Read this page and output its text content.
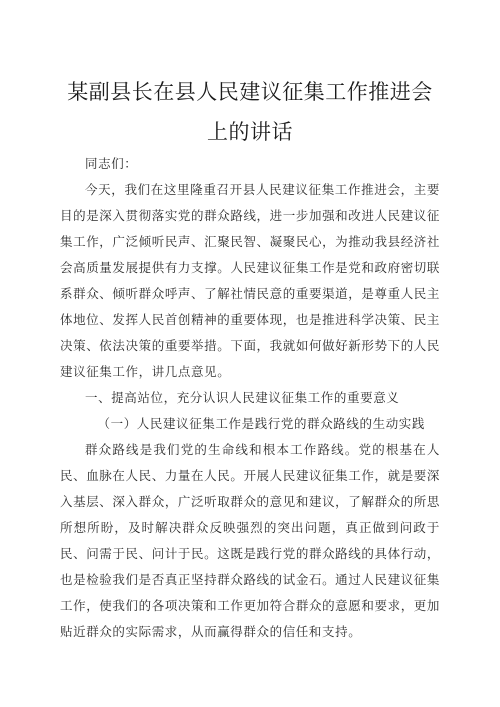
某副县长在县人民建议征集工作推进会
上的讲话

同志们：

今天，我们在这里隆重召开县人民建议征集工作推进会，主要目的是深入贯彻落实党的群众路线，进一步加强和改进人民建议征集工作，广泛倾听民声、汇聚民智、凝聚民心，为推动我县经济社会高质量发展提供有力支撑。人民建议征集工作是党和政府密切联系群众、倾听群众呼声、了解社情民意的重要渠道，是尊重人民主体地位、发挥人民首创精神的重要体现，也是推进科学决策、民主决策、依法决策的重要举措。下面，我就如何做好新形势下的人民建议征集工作，讲几点意见。

一、提高站位，充分认识人民建议征集工作的重要意义

（一）人民建议征集工作是践行党的群众路线的生动实践

群众路线是我们党的生命线和根本工作路线。党的根基在人民、血脉在人民、力量在人民。开展人民建议征集工作，就是要深入基层、深入群众，广泛听取群众的意见和建议，了解群众的所思所想所盼，及时解决群众反映强烈的突出问题，真正做到问政于民、问需于民、问计于民。这既是践行党的群众路线的具体行动，也是检验我们是否真正坚持群众路线的试金石。通过人民建议征集工作，使我们的各项决策和工作更加符合群众的意愿和要求，更加贴近群众的实际需求，从而赢得群众的信任和支持。
